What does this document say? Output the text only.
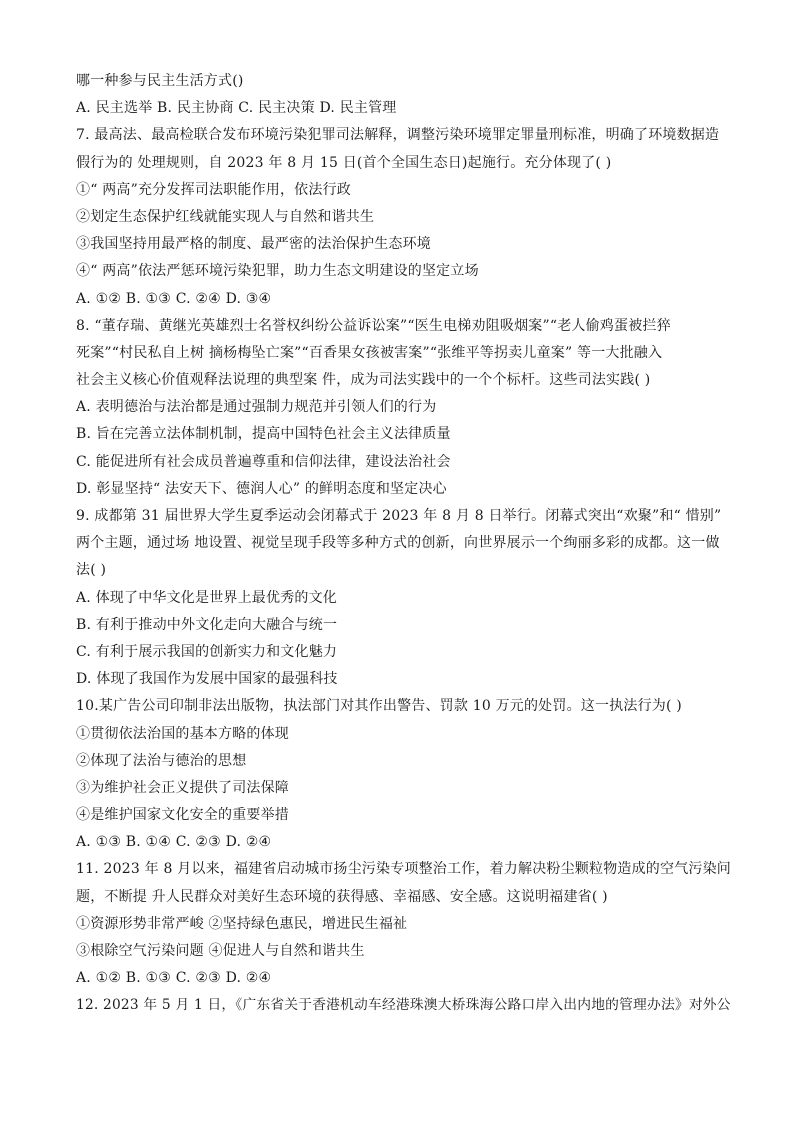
哪一种参与民主生活方式()
A. 民主选举 B. 民主协商 C. 民主决策 D. 民主管理
7. 最高法、最高检联合发布环境污染犯罪司法解释，调整污染环境罪定罪量刑标准，明确了环境数据造
假行为的 处理规则，自 2023 年 8 月 15 日(首个全国生态日)起施行。充分体现了( )
①“ 两高”充分发挥司法职能作用，依法行政
②划定生态保护红线就能实现人与自然和谐共生
③我国坚持用最严格的制度、最严密的法治保护生态环境
④“ 两高”依法严惩环境污染犯罪，助力生态文明建设的坚定立场
A. ①② B. ①③ C. ②④ D. ③④
8. “董存瑞、黄继光英雄烈士名誉权纠纷公益诉讼案”“医生电梯劝阻吸烟案”“老人偷鸡蛋被拦猝
死案”“村民私自上树 摘杨梅坠亡案”“百香果女孩被害案”“张维平等拐卖儿童案” 等一大批融入
社会主义核心价值观释法说理的典型案 件，成为司法实践中的一个个标杆。这些司法实践( )
A. 表明德治与法治都是通过强制力规范并引领人们的行为
B. 旨在完善立法体制机制，提高中国特色社会主义法律质量
C. 能促进所有社会成员普遍尊重和信仰法律，建设法治社会
D. 彰显坚持“ 法安天下、德润人心” 的鲜明态度和坚定决心
9. 成都第 31 届世界大学生夏季运动会闭幕式于 2023 年 8 月 8 日举行。闭幕式突出“欢聚”和“ 惜别”
两个主题，通过场 地设置、视觉呈现手段等多种方式的创新，向世界展示一个绚丽多彩的成都。这一做
法( )
A. 体现了中华文化是世界上最优秀的文化
B. 有利于推动中外文化走向大融合与统一
C. 有利于展示我国的创新实力和文化魅力
D. 体现了我国作为发展中国家的最强科技
10.某广告公司印制非法出版物，执法部门对其作出警告、罚款 10 万元的处罚。这一执法行为( )
①贯彻依法治国的基本方略的体现
②体现了法治与德治的思想
③为维护社会正义提供了司法保障
④是维护国家文化安全的重要举措
A. ①③ B. ①④ C. ②③ D. ②④
11. 2023 年 8 月以来，福建省启动城市扬尘污染专项整治工作，着力解决粉尘颗粒物造成的空气污染问
题，不断提 升人民群众对美好生态环境的获得感、幸福感、安全感。这说明福建省( )
①资源形势非常严峻 ②坚持绿色惠民，增进民生福祉
③根除空气污染问题 ④促进人与自然和谐共生
A. ①② B. ①③ C. ②③ D. ②④
12. 2023 年 5 月 1 日，《广东省关于香港机动车经港珠澳大桥珠海公路口岸入出内地的管理办法》对外公
